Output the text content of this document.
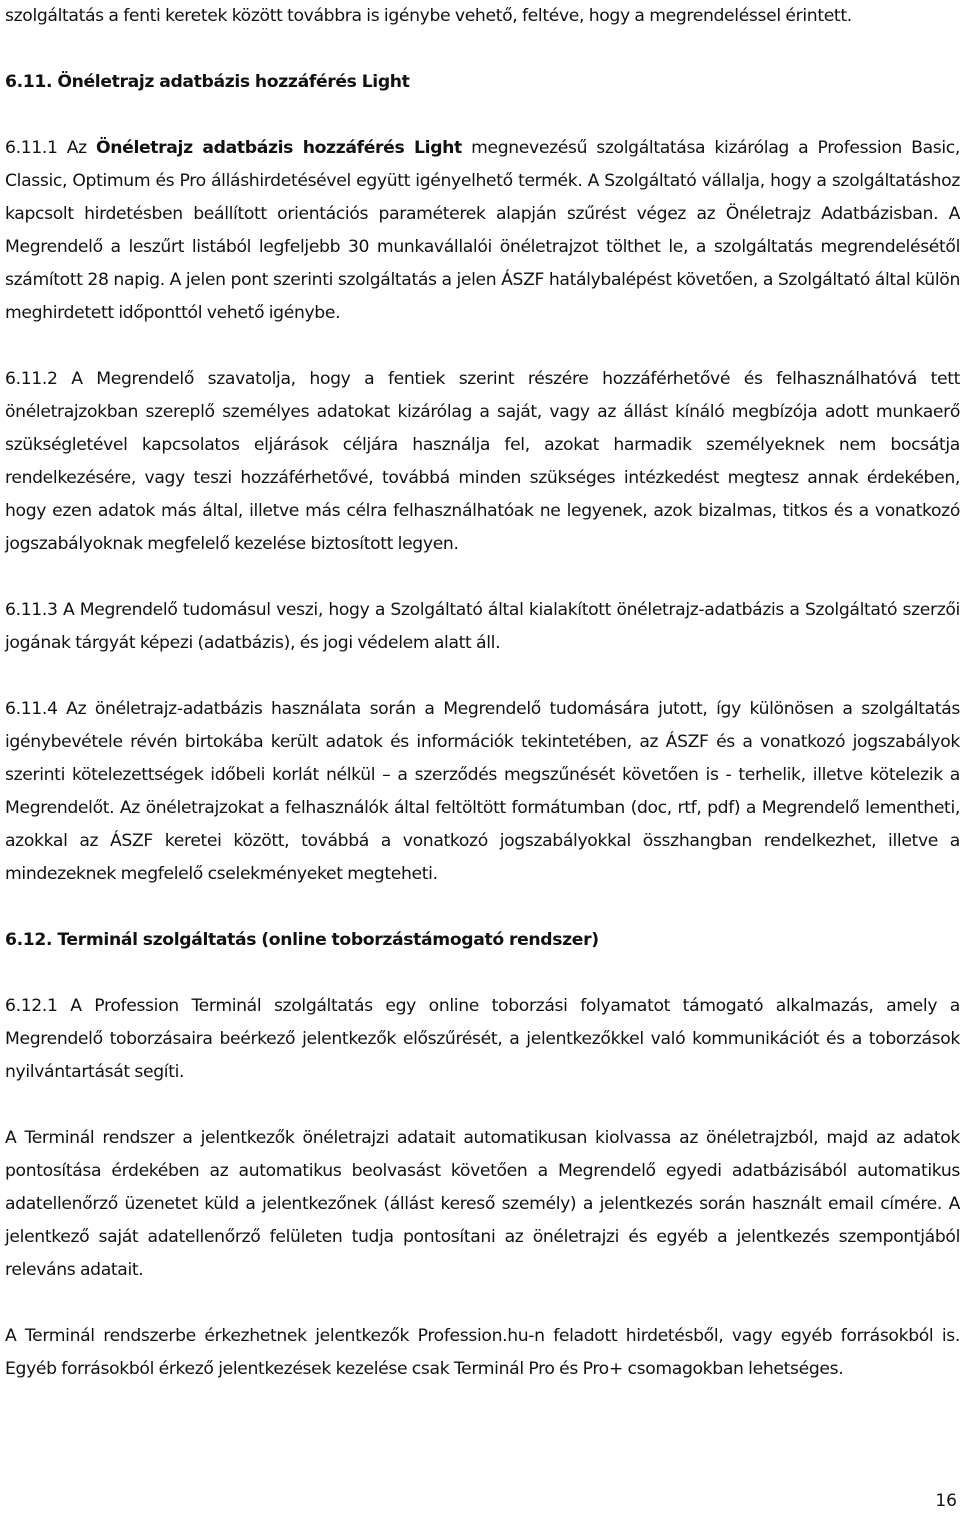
szolgáltatás a fenti keretek között továbbra is igénybe vehető, feltéve, hogy a megrendeléssel érintett.

6.11. Önéletrajz adatbázis hozzáférés Light

6.11.1 Az Önéletrajz adatbázis hozzáférés Light megnevezésű szolgáltatása kizárólag a Profession Basic, Classic, Optimum és Pro álláshirdetésével együtt igényelhető termék. A Szolgáltató vállalja, hogy a szolgáltatáshoz kapcsolt hirdetésben beállított orientációs paraméterek alapján szűrést végez az Önéletrajz Adatbázisban. A Megrendelő a leszűrt listából legfeljebb 30 munkavállalói önéletrajzot tölthet le, a szolgáltatás megrendelésétől számított 28 napig. A jelen pont szerinti szolgáltatás a jelen ÁSZF hatálybalépést követően, a Szolgáltató által külön meghirdetett időponttól vehető igénybe.

6.11.2 A Megrendelő szavatolja, hogy a fentiek szerint részére hozzáférhetővé és felhasználhatóvá tett önéletrajzokban szereplő személyes adatokat kizárólag a saját, vagy az állást kínáló megbízója adott munkaerő szükségletével kapcsolatos eljárások céljára használja fel, azokat harmadik személyeknek nem bocsátja rendelkezésére, vagy teszi hozzáférhetővé, továbbá minden szükséges intézkedést megtesz annak érdekében, hogy ezen adatok más által, illetve más célra felhasználhatóak ne legyenek, azok bizalmas, titkos és a vonatkozó jogszabályoknak megfelelő kezelése biztosított legyen.

6.11.3 A Megrendelő tudomásul veszi, hogy a Szolgáltató által kialakított önéletrajz-adatbázis a Szolgáltató szerzői jogának tárgyát képezi (adatbázis), és jogi védelem alatt áll.

6.11.4 Az önéletrajz-adatbázis használata során a Megrendelő tudomására jutott, így különösen a szolgáltatás igénybevétele révén birtokába került adatok és információk tekintetében, az ÁSZF és a vonatkozó jogszabályok szerinti kötelezettségek időbeli korlát nélkül – a szerződés megszűnését követően is - terhelik, illetve kötelezik a Megrendelőt. Az önéletrajzokat a felhasználók által feltöltött formátumban (doc, rtf, pdf) a Megrendelő lementheti, azokkal az ÁSZF keretei között, továbbá a vonatkozó jogszabályokkal összhangban rendelkezhet, illetve a mindezeknek megfelelő cselekményeket megteheti.

6.12. Terminál szolgáltatás (online toborzástámogató rendszer)

6.12.1 A Profession Terminál szolgáltatás egy online toborzási folyamatot támogató alkalmazás, amely a Megrendelő toborzásaira beérkező jelentkezők előszűrését, a jelentkezőkkel való kommunikációt és a toborzások nyilvántartását segíti.

A Terminál rendszer a jelentkezők önéletrajzi adatait automatikusan kiolvassa az önéletrajzból, majd az adatok pontosítása érdekében az automatikus beolvasást követően a Megrendelő egyedi adatbázisából automatikus adatellenőrző üzenetet küld a jelentkezőnek (állást kereső személy) a jelentkezés során használt email címére. A jelentkező saját adatellenőrző felületen tudja pontosítani az önéletrajzi és egyéb a jelentkezés szempontjából releváns adatait.

A Terminál rendszerbe érkezhetnek jelentkezők Profession.hu-n feladott hirdetésből, vagy egyéb forrásokból is. Egyéb forrásokból érkező jelentkezések kezelése csak Terminál Pro és Pro+ csomagokban lehetséges.

16
